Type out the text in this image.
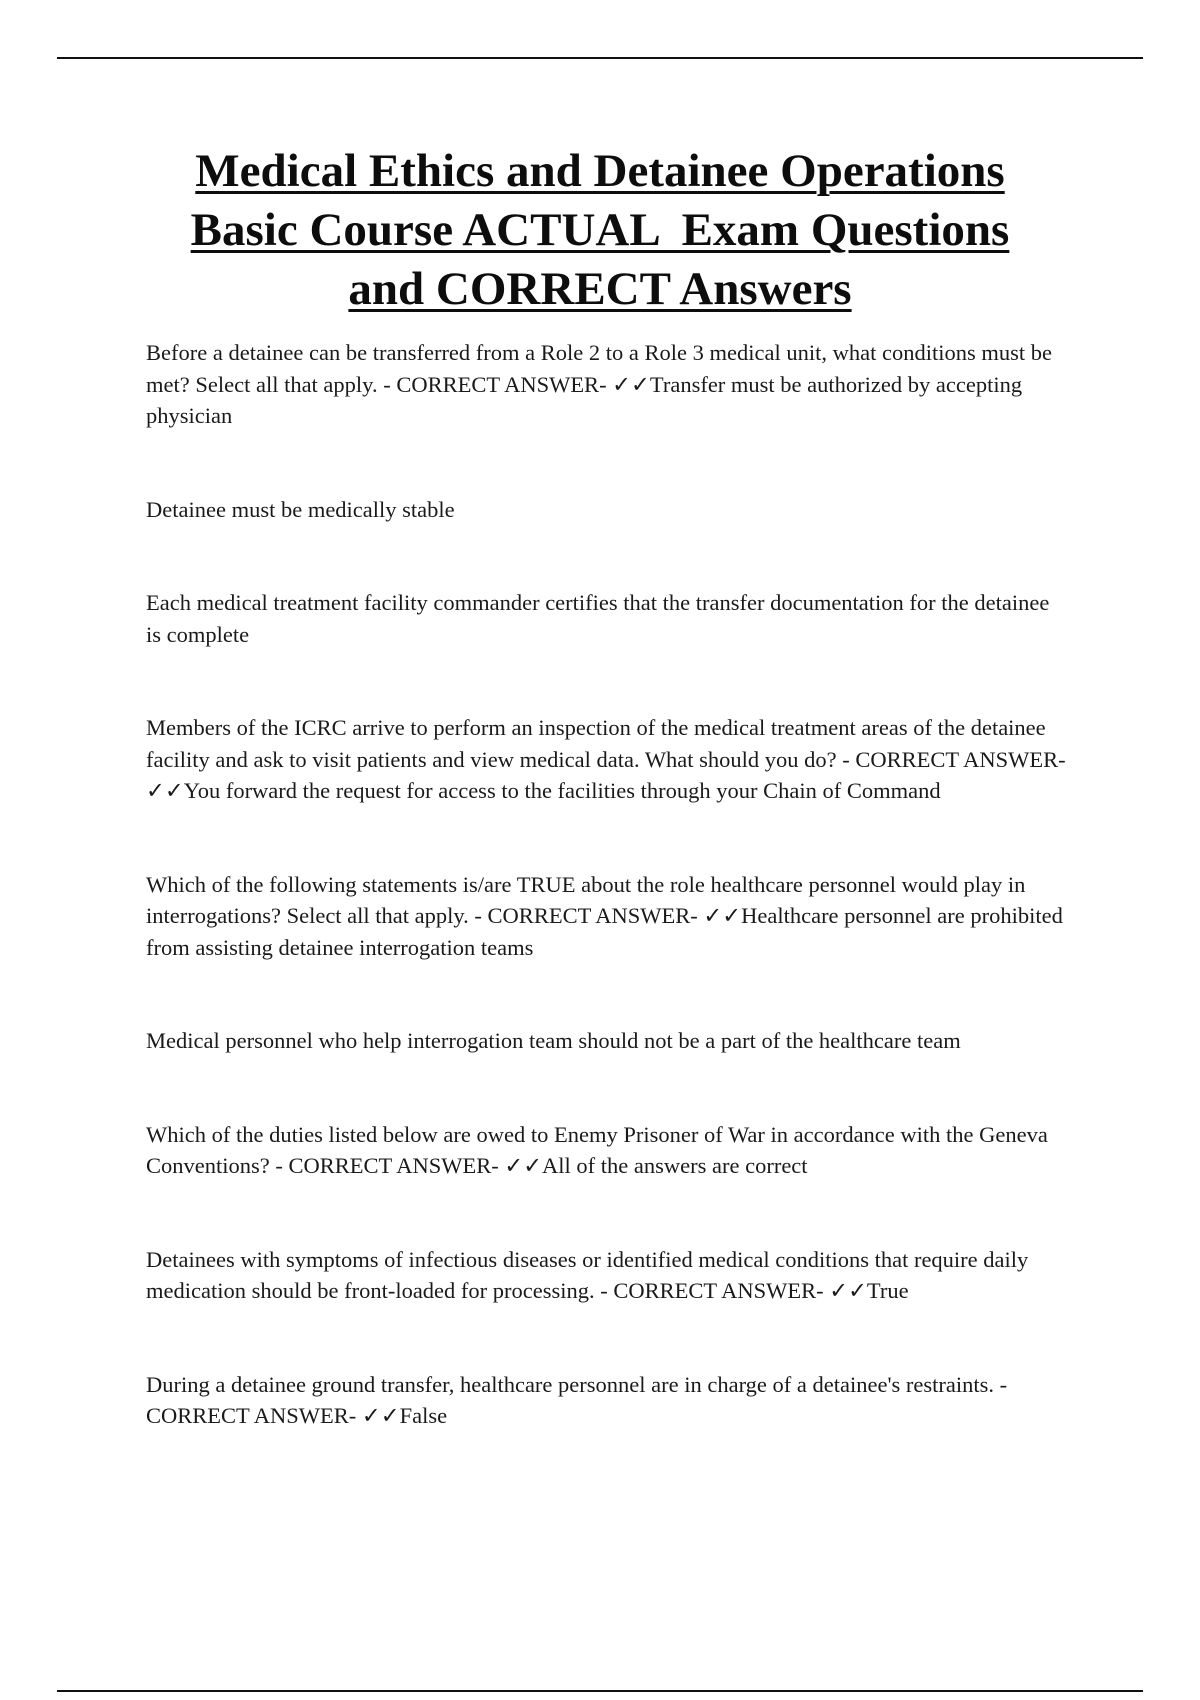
Medical Ethics and Detainee Operations
Basic Course ACTUAL  Exam Questions
and CORRECT Answers

Before a detainee can be transferred from a Role 2 to a Role 3 medical unit, what conditions must be met? Select all that apply. - CORRECT ANSWER- ✓✓Transfer must be authorized by accepting physician

Detainee must be medically stable

Each medical treatment facility commander certifies that the transfer documentation for the detainee is complete

Members of the ICRC arrive to perform an inspection of the medical treatment areas of the detainee facility and ask to visit patients and view medical data. What should you do? - CORRECT ANSWER- ✓✓You forward the request for access to the facilities through your Chain of Command

Which of the following statements is/are TRUE about the role healthcare personnel would play in interrogations? Select all that apply. - CORRECT ANSWER- ✓✓Healthcare personnel are prohibited from assisting detainee interrogation teams

Medical personnel who help interrogation team should not be a part of the healthcare team

Which of the duties listed below are owed to Enemy Prisoner of War in accordance with the Geneva Conventions? - CORRECT ANSWER- ✓✓All of the answers are correct

Detainees with symptoms of infectious diseases or identified medical conditions that require daily medication should be front-loaded for processing. - CORRECT ANSWER- ✓✓True

During a detainee ground transfer, healthcare personnel are in charge of a detainee's restraints. - CORRECT ANSWER- ✓✓False
